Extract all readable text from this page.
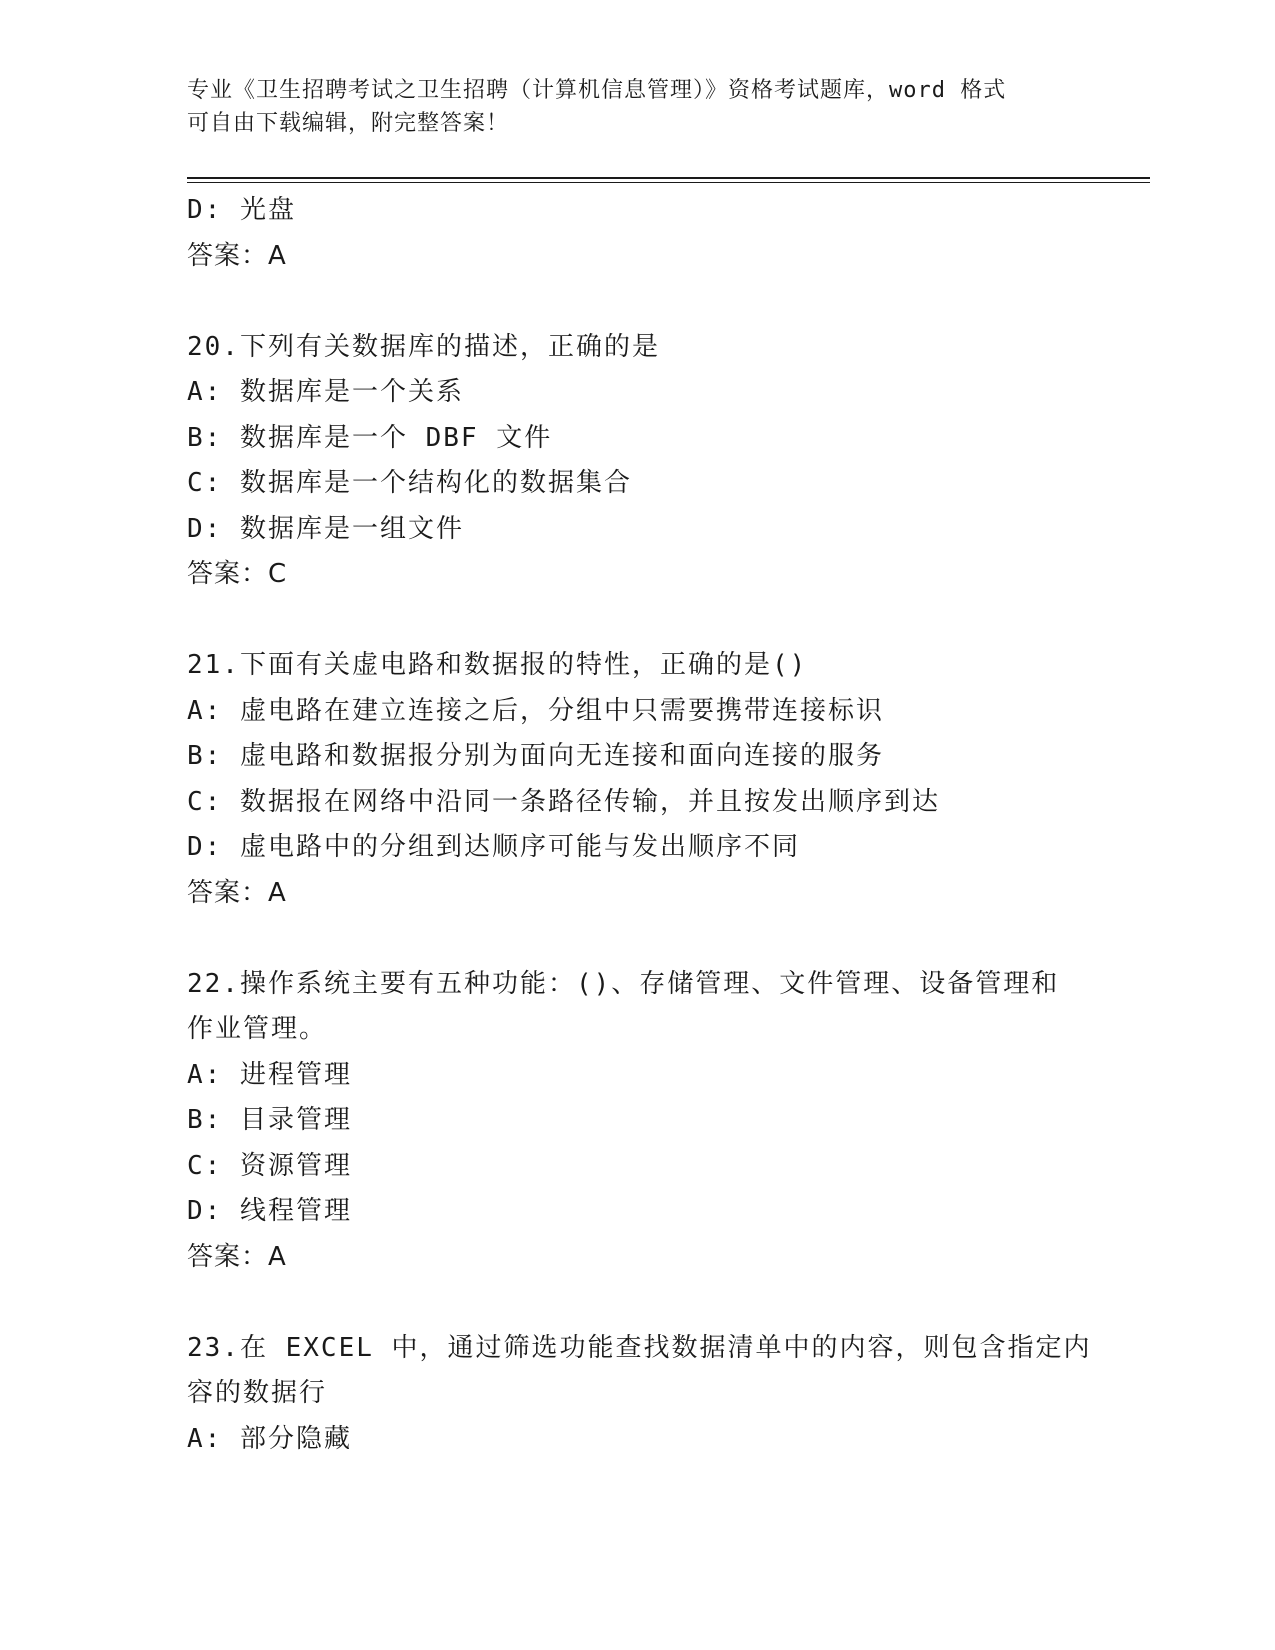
专业《卫生招聘考试之卫生招聘（计算机信息管理）》资格考试题库，word 格式
可自由下载编辑，附完整答案！
D: 光盘
答案：A
20.下列有关数据库的描述，正确的是
A: 数据库是一个关系
B: 数据库是一个 DBF 文件
C: 数据库是一个结构化的数据集合
D: 数据库是一组文件
答案：C
21.下面有关虚电路和数据报的特性，正确的是()
A: 虚电路在建立连接之后，分组中只需要携带连接标识
B: 虚电路和数据报分别为面向无连接和面向连接的服务
C: 数据报在网络中沿同一条路径传输，并且按发出顺序到达
D: 虚电路中的分组到达顺序可能与发出顺序不同
答案：A
22.操作系统主要有五种功能：()、存储管理、文件管理、设备管理和
作业管理。
A: 进程管理
B: 目录管理
C: 资源管理
D: 线程管理
答案：A
23.在 EXCEL 中，通过筛选功能查找数据清单中的内容，则包含指定内
容的数据行
A: 部分隐藏
